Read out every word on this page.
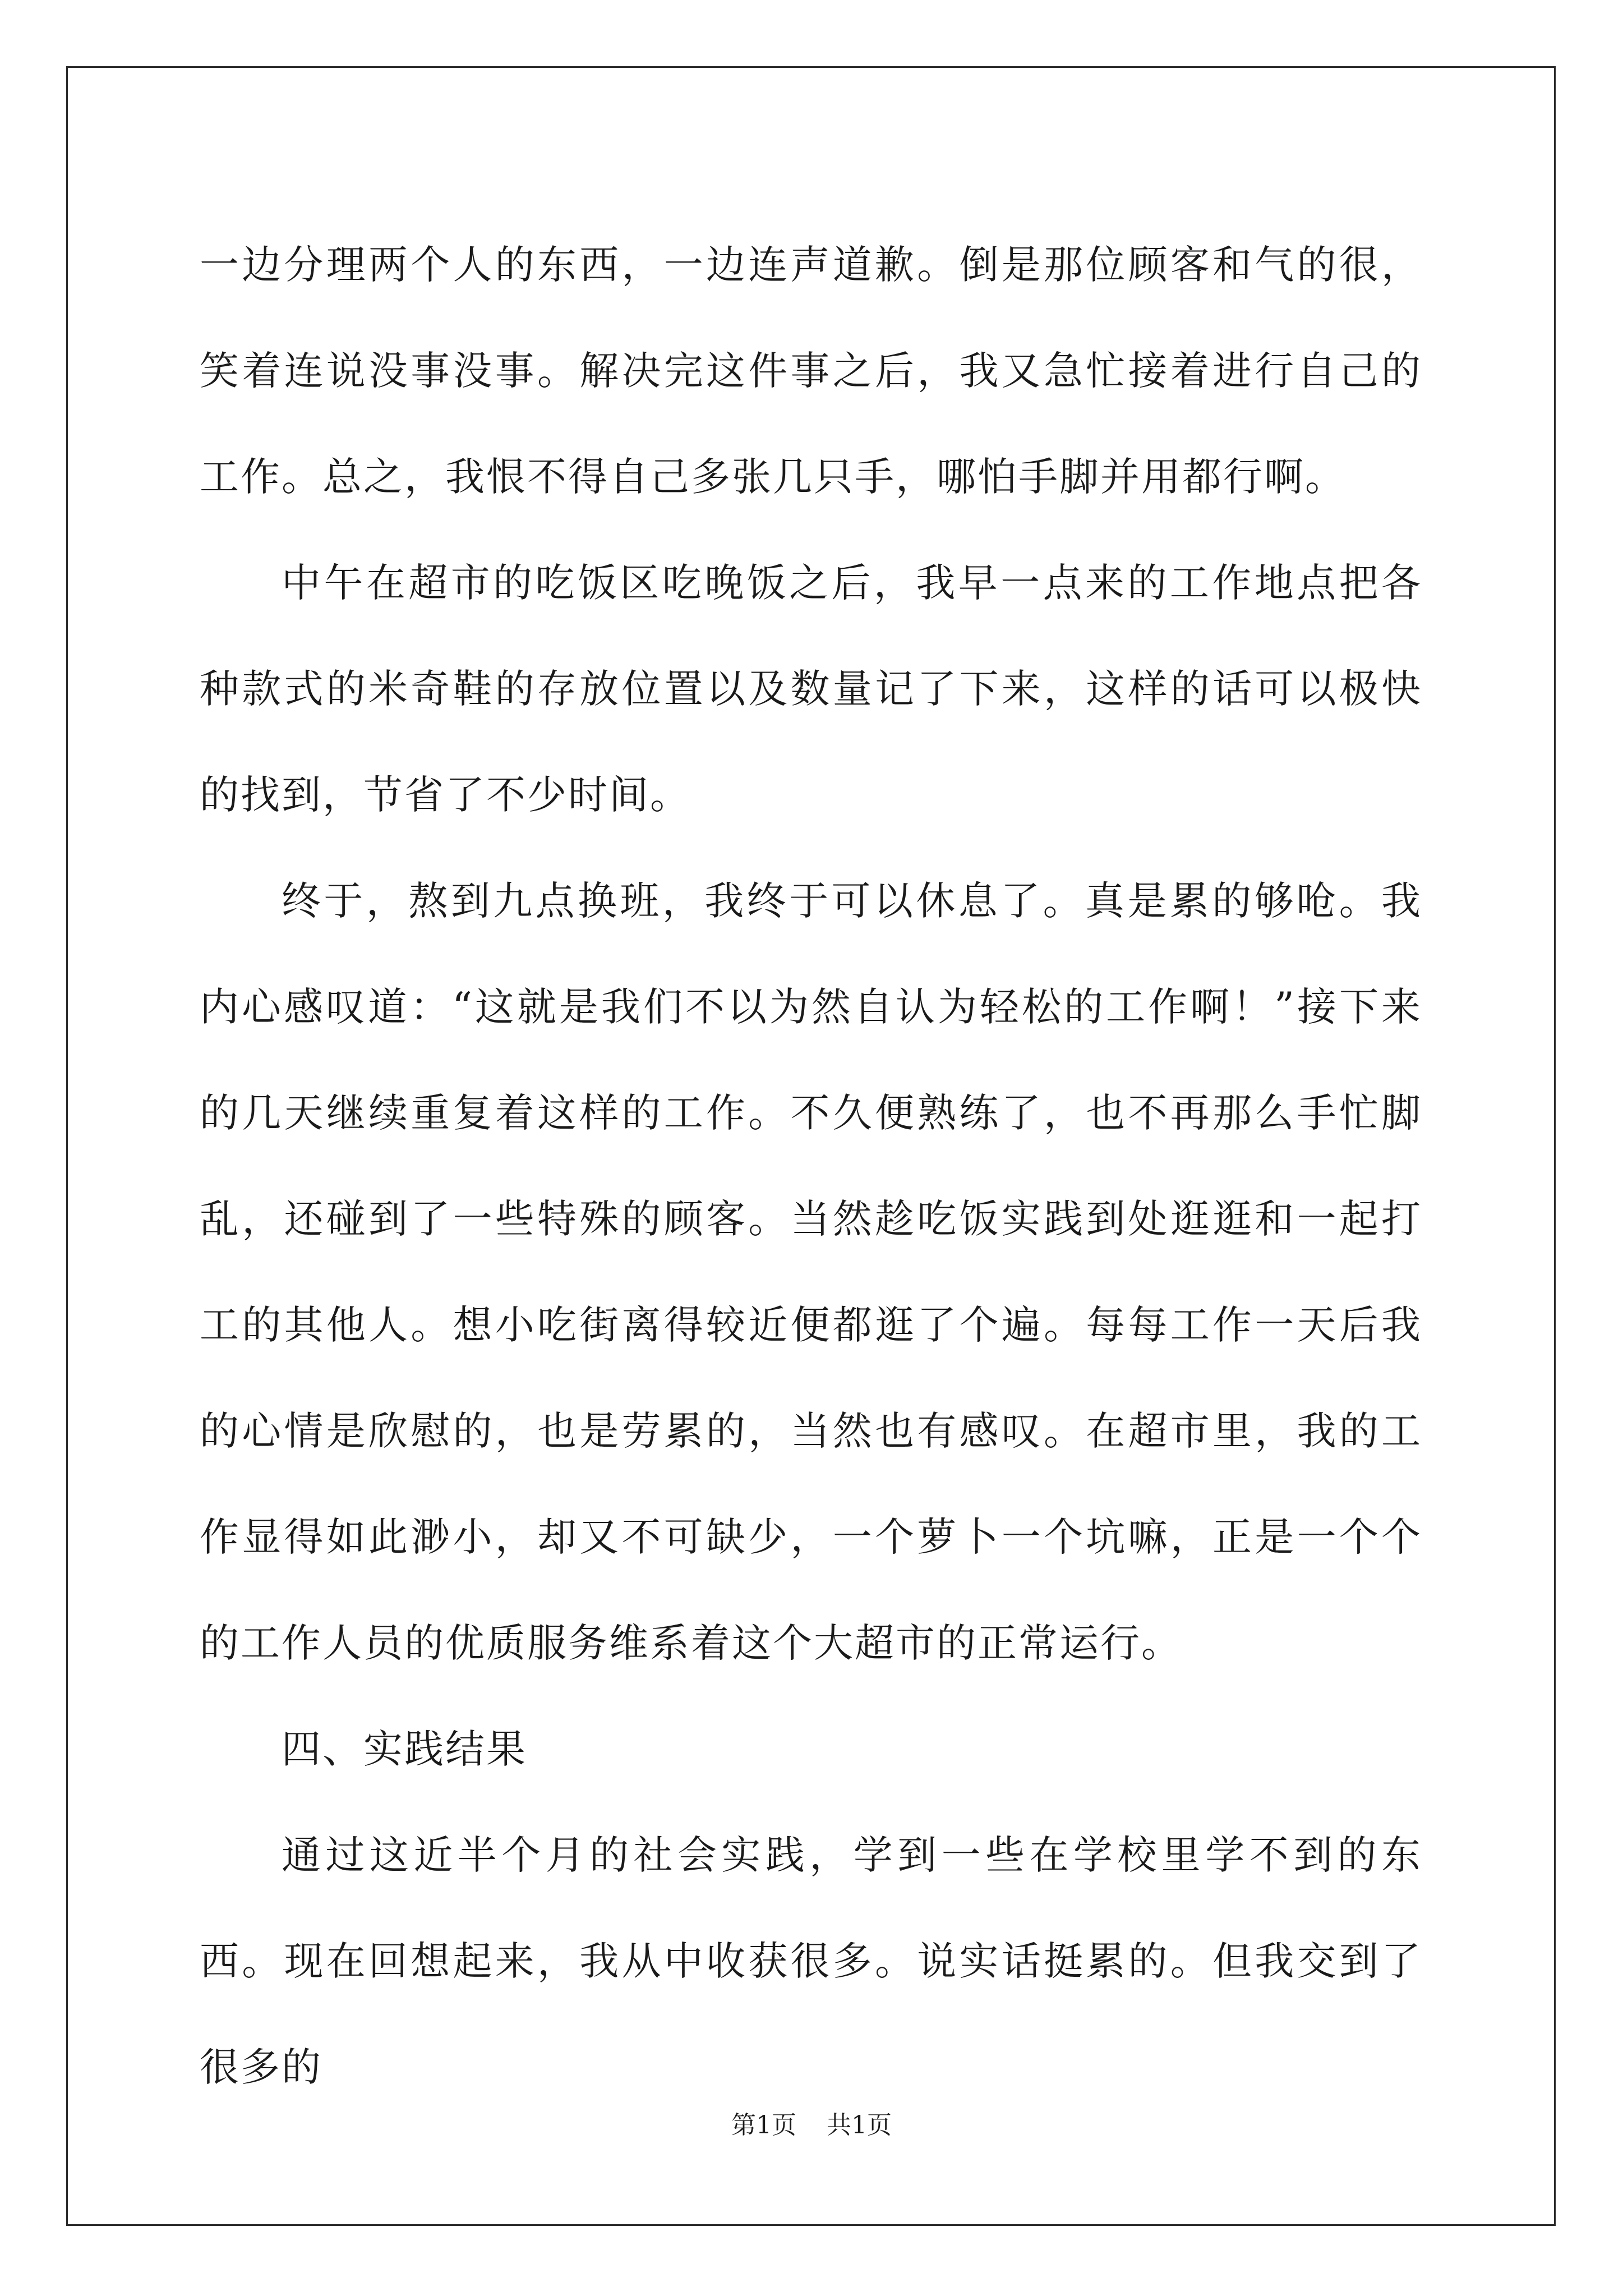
一边分理两个人的东西，一边连声道歉。倒是那位顾客和气的很，笑着连说没事没事。解决完这件事之后，我又急忙接着进行自己的工作。总之，我恨不得自己多张几只手，哪怕手脚并用都行啊。

中午在超市的吃饭区吃晚饭之后，我早一点来的工作地点把各种款式的米奇鞋的存放位置以及数量记了下来，这样的话可以极快的找到，节省了不少时间。

终于，熬到九点换班，我终于可以休息了。真是累的够呛。我内心感叹道：“这就是我们不以为然自认为轻松的工作啊！”接下来的几天继续重复着这样的工作。不久便熟练了，也不再那么手忙脚乱，还碰到了一些特殊的顾客。当然趁吃饭实践到处逛逛和一起打工的其他人。想小吃街离得较近便都逛了个遍。每每工作一天后我的心情是欣慰的，也是劳累的，当然也有感叹。在超市里，我的工作显得如此渺小，却又不可缺少，一个萝卜一个坑嘛，正是一个个的工作人员的优质服务维系着这个大超市的正常运行。

四、实践结果

通过这近半个月的社会实践，学到一些在学校里学不到的东西。现在回想起来，我从中收获很多。说实话挺累的。但我交到了很多的

第1页 共1页
